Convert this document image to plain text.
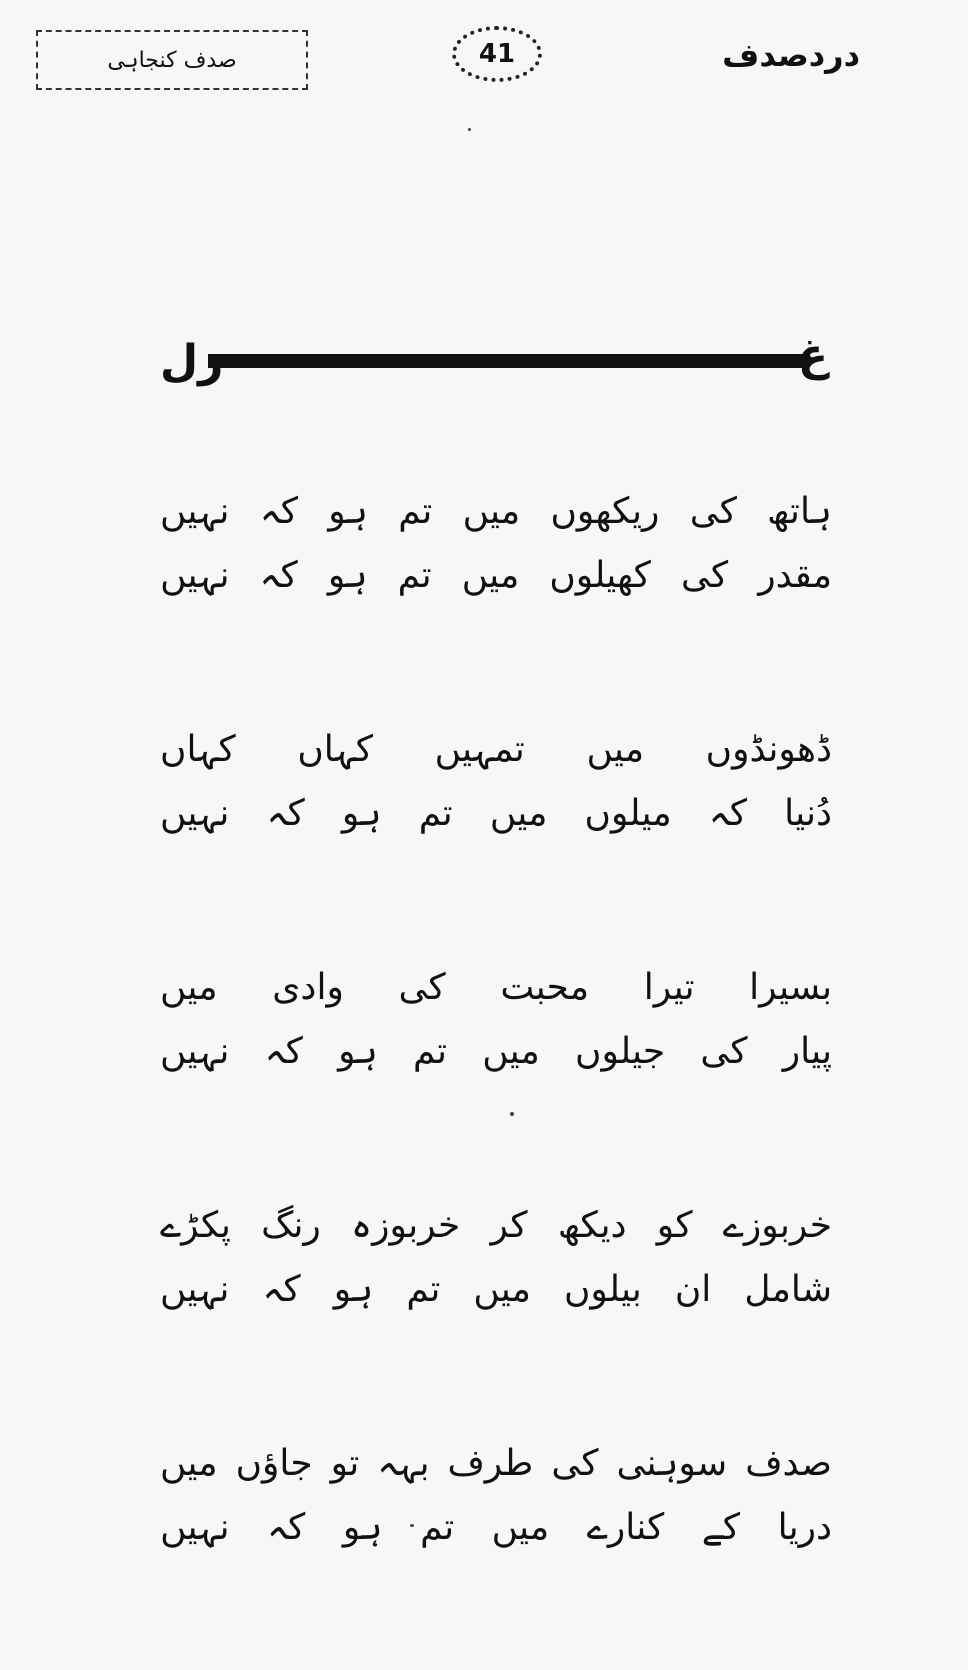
صدف کنجاہی	41	دردصدف
غ
زل
ہاتھ
کی
ریکھوں
میں
تم
ہو
کہ
نہیں
مقدر
کی
کھیلوں
میں
تم
ہو
کہ
نہیں
ڈھونڈوں
میں
تمہیں
کہاں
کہاں
دُنیا
کہ
میلوں
میں
تم
ہو
کہ
نہیں
بسیرا
تیرا
محبت
کی
وادی
میں
پیار
کی
جیلوں
میں
تم
ہو
کہ
نہیں
خربوزے
کو
دیکھ
کر
خربوزہ
رنگ
پکڑے
شامل
ان
بیلوں
میں
تم
ہو
کہ
نہیں
صدف
سوہنی
کی
طرف
بہہ
تو
جاؤں
میں
دریا
کے
کنارے
میں
تم
ہو
کہ
نہیں
